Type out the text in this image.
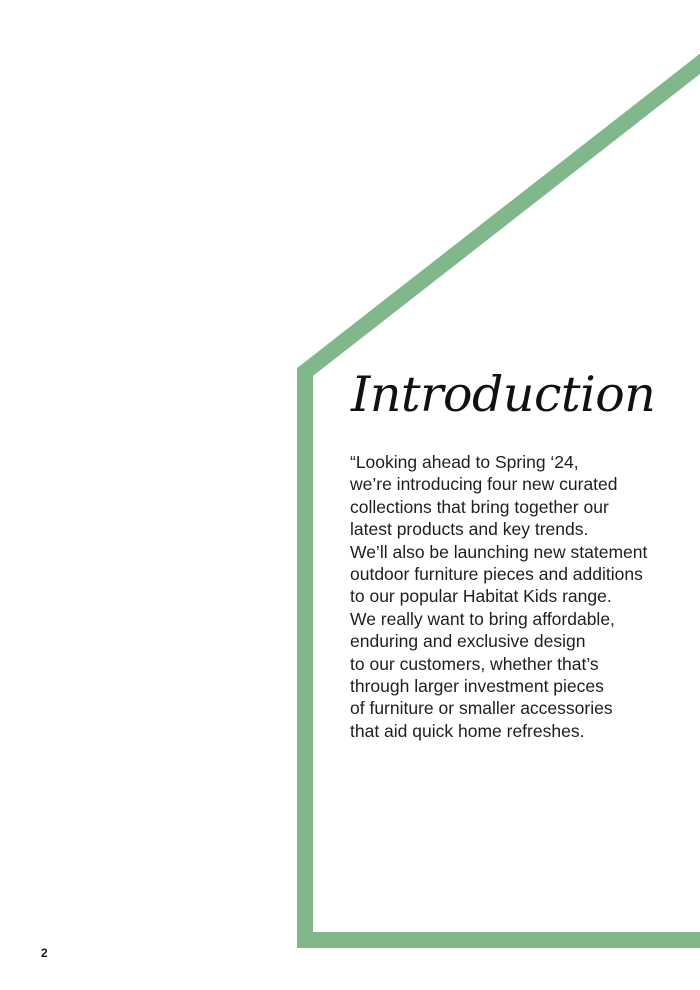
Introduction
“Looking ahead to Spring ‘24,
we’re introducing four new curated
collections that bring together our
latest products and key trends.
We’ll also be launching new statement
outdoor furniture pieces and additions
to our popular Habitat Kids range.
We really want to bring affordable,
enduring and exclusive design
to our customers, whether that’s
through larger investment pieces
of furniture or smaller accessories
that aid quick home refreshes.
2
